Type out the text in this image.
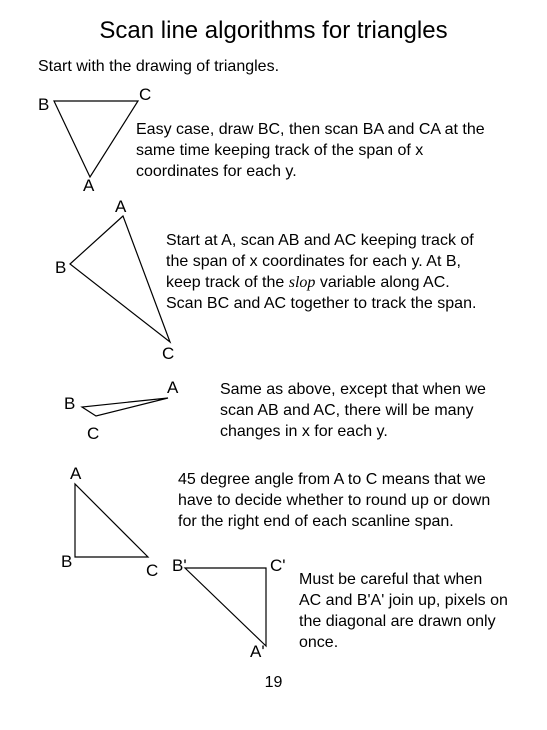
Scan line algorithms for triangles
Start with the drawing of triangles.
B
C
A
Easy case, draw BC, then scan BA and CA at the
same time keeping track of the span of x
coordinates for each y.
A
B
C
Start at A, scan AB and AC keeping track of
the span of x coordinates for each y. At B,
keep track of the slop variable along AC.
Scan BC and AC together to track the span.
A
B
C
Same as above, except that when we
scan AB and AC, there will be many
changes in x for each y.
A
B	C
45 degree angle from A to C means that we
have to decide whether to round up or down
for the right end of each scanline span.
B'	C'
A'
Must be careful that when
AC and B'A' join up, pixels on
the diagonal are drawn only
once.
19
